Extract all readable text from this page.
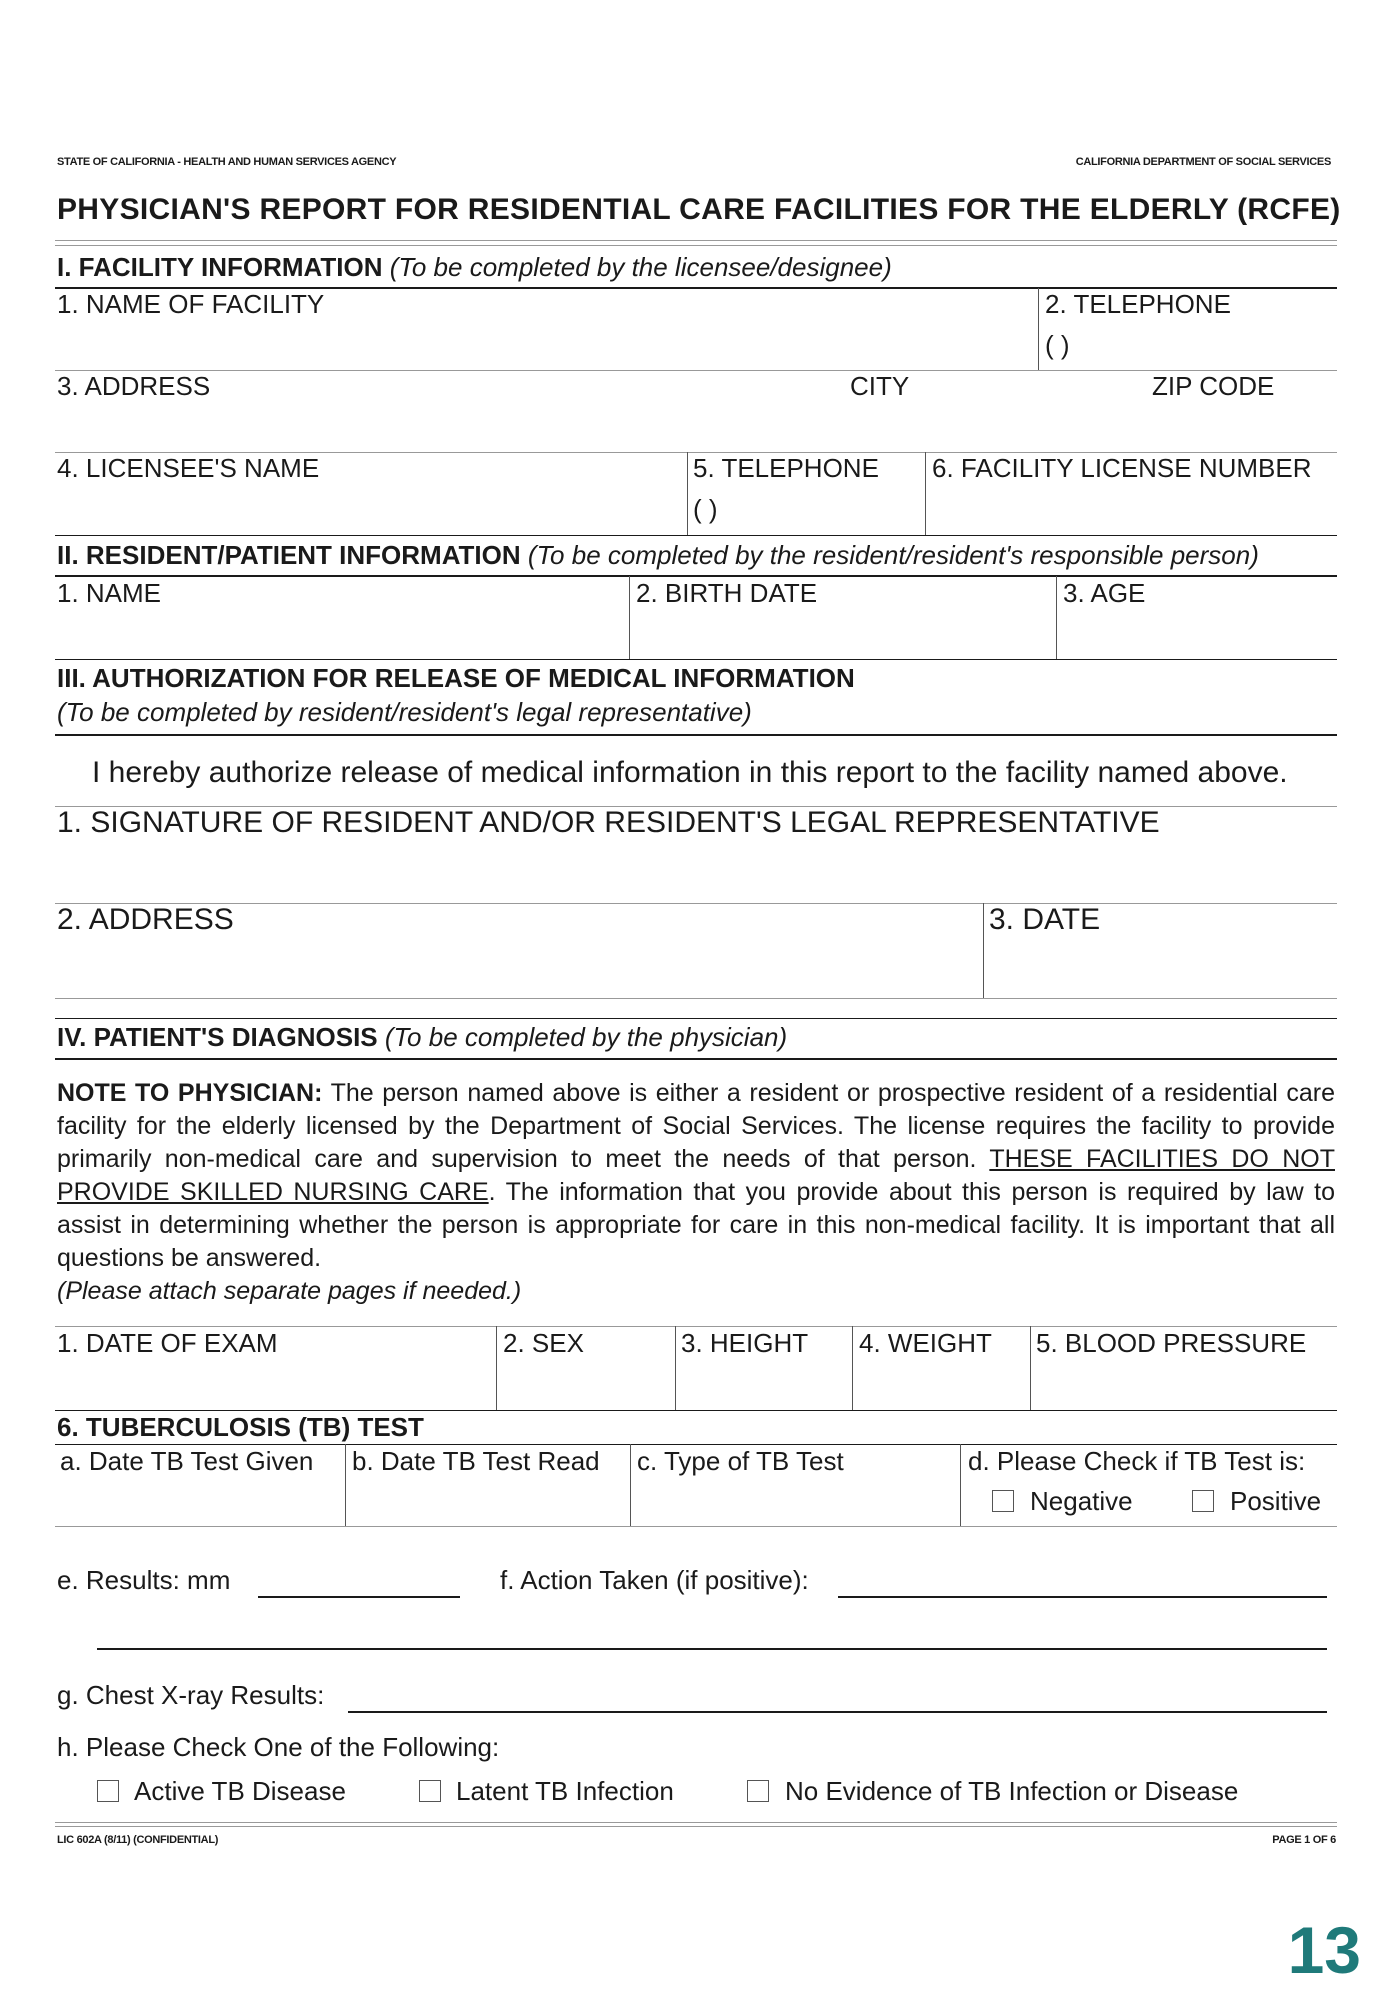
STATE OF CALIFORNIA - HEALTH AND HUMAN SERVICES AGENCY	CALIFORNIA DEPARTMENT OF SOCIAL SERVICES
PHYSICIAN'S REPORT FOR RESIDENTIAL CARE FACILITIES FOR THE ELDERLY (RCFE)
I. FACILITY INFORMATION (To be completed by the licensee/designee)
1. NAME OF FACILITY	2. TELEPHONE
( )
3. ADDRESS	CITY	ZIP CODE
4. LICENSEE'S NAME	5. TELEPHONE
( )
6. FACILITY LICENSE NUMBER
II. RESIDENT/PATIENT INFORMATION (To be completed by the resident/resident's responsible person)
1. NAME	2. BIRTH DATE	3. AGE
III. AUTHORIZATION FOR RELEASE OF MEDICAL INFORMATION
(To be completed by resident/resident's legal representative)
I hereby authorize release of medical information in this report to the facility named above.
1. SIGNATURE OF RESIDENT AND/OR RESIDENT'S LEGAL REPRESENTATIVE
2. ADDRESS	3. DATE
IV. PATIENT'S DIAGNOSIS (To be completed by the physician)
NOTE TO PHYSICIAN: The person named above is either a resident or prospective resident of a residential care facility for the elderly licensed by the Department of Social Services. The license requires the facility to provide primarily non-medical care and supervision to meet the needs of that person. THESE FACILITIES DO NOT PROVIDE SKILLED NURSING CARE. The information that you provide about this person is required by law to assist in determining whether the person is appropriate for care in this non-medical facility. It is important that all questions be answered.
(Please attach separate pages if needed.)
1. DATE OF EXAM	2. SEX	3. HEIGHT 4. WEIGHT 5. BLOOD PRESSURE
6. TUBERCULOSIS (TB) TEST
a. Date TB Test Given b. Date TB Test Read c. Type of TB Test	d. Please Check if TB Test is:
Negative	Positive
e. Results: mm	f. Action Taken (if positive):
g. Chest X-ray Results:
h. Please Check One of the Following:
Active TB Disease	Latent TB Infection	No Evidence of TB Infection or Disease
LIC 602A (8/11) (CONFIDENTIAL)	PAGE 1 OF 6
13
